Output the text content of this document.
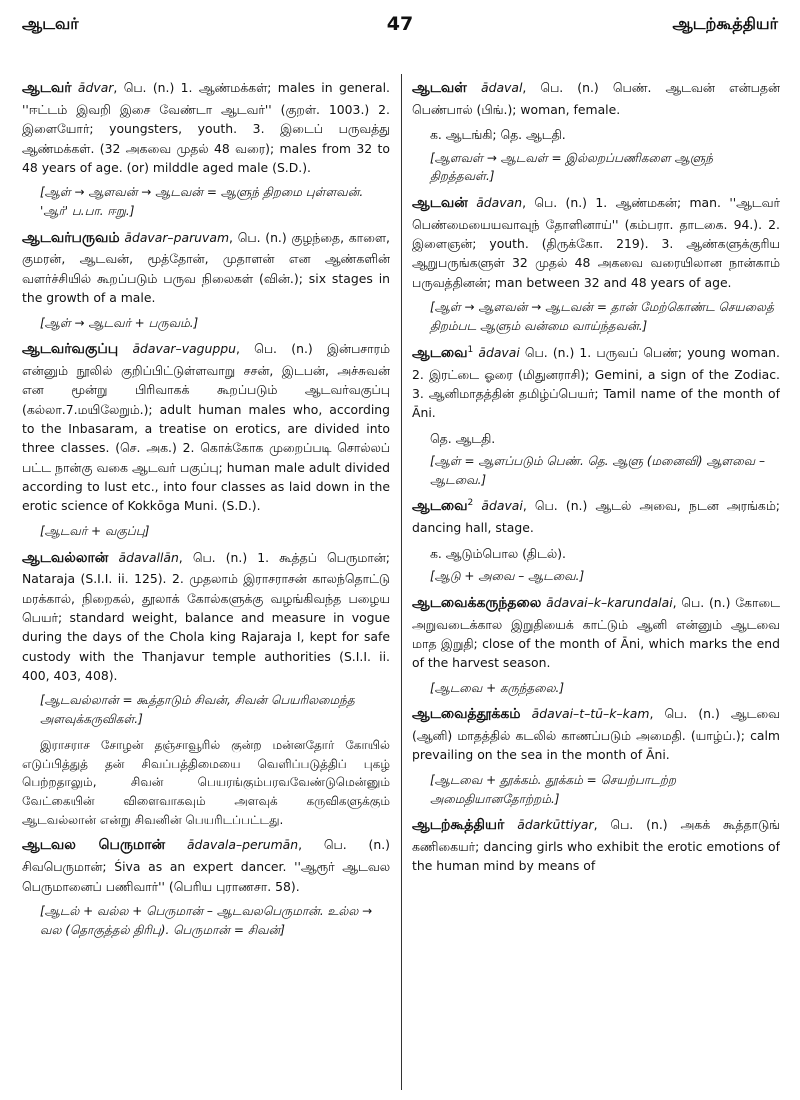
ஆடவர்	47	ஆடற்கூத்தியர்
ஆடவர் ādvar, பெ. (n.) 1. ஆண்மக்கள்; males in general. ''ஈட்டம் இவறி இசை வேண்டா ஆடவர்'' (குறள். 1003.) 2. இளையோர்; youngsters, youth. 3. இடைப் பருவத்து ஆண்மக்கள். (32 அகவை முதல் 48 வரை); males from 32 to 48 years of age. (or) milddle aged male (S.D.).
[ஆள் → ஆளவன் → ஆடவன் = ஆளுந் திறமை புள்ளவன். 'ஆர்' ப.பா. ஈறு.]
ஆடவர்பருவம் ādavar–paruvam, பெ. (n.) குழந்தை, காளை, குமரன், ஆடவன், மூத்தோன், முதாளன் என ஆண்களின் வளர்ச்சியில் கூறப்படும் பருவ நிலைகள் (வின்.); six stages in the growth of a male.
[ஆள் → ஆடவர் + பருவம்.]
ஆடவர்வகுப்பு ādavar–vaguppu, பெ. (n.) இன்பசாரம் என்னும் நூலில் குறிப்பிட்டுள்ளவாறு சசன், இடபன், அச்சுவன் என மூன்று பிரிவாகக் கூறப்படும் ஆடவர்வகுப்பு (கல்லா.7.மயிலேறும்.); adult human males who, according to the Inbasaram, a treatise on erotics, are divided into three classes. (செ. அக.) 2. கொக்கோக முறைப்படி சொல்லப் பட்ட நான்கு வகை ஆடவர் பகுப்பு; human male adult divided according to lust etc., into four classes as laid down in the erotic science of Kokkōga Muni. (S.D.).
[ஆடவர் + வகுப்பு]
ஆடவல்லான் ādavallān, பெ. (n.) 1. கூத்தப் பெருமான்; Nataraja (S.I.I. ii. 125). 2. முதலாம் இராசராசன் காலந்தொட்டு மரக்கால், நிறைகல், தூலாக் கோல்களுக்கு வழங்கிவந்த பழைய பெயர்; standard weight, balance and measure in vogue during the days of the Chola king Rajaraja I, kept for safe custody with the Thanjavur temple authorities (S.I.I. ii. 400, 403, 408).
[ஆடவல்லான் = கூத்தாடும் சிவன், சிவன் பெயரிலமைந்த அளவுக்கருவிகள்.]
இராசராச சோழன் தஞ்சாவூரில் குன்ற மன்னதோர் கோயில் எடுப்பித்துத் தன் சிவப்பத்திமையை வெளிப்படுத்திப் புகழ் பெற்றதாலும், சிவன் பெயரங்கும்பரவவேண்டுமென்னும் வேட்கையின் விளைவாகவும் அளவுக் கருவிகளுக்கும் ஆடவல்லான் என்று சிவனின் பெயரிடப்பட்டது.
ஆடவல பெருமான் ādavala–perumān, பெ. (n.) சிவபெருமான்; Śiva as an expert dancer. ''ஆரூர் ஆடவல பெருமானைப் பணிவார்'' (பெரிய புராணசா. 58).
[ஆடல் + வல்ல + பெருமான் – ஆடவலபெருமான். உல்ல → வல (தொகுத்தல் திரிபு). பெருமான் = சிவன்]
ஆடவள் ādaval, பெ. (n.) பெண். ஆடவன் என்பதன் பெண்பால் (பிங்.); woman, female.
க. ஆடங்கி; தெ. ஆடதி.
[ஆளவள் → ஆடவள் = இல்லறப்பணிகளை ஆளுந் திறத்தவள்.]
ஆடவன் ādavan, பெ. (n.) 1. ஆண்மகன்; man. ''ஆடவர் பெண்மையையவாவுந் தோளினாய்'' (கம்பரா. தாடகை. 94.). 2. இளைஞன்; youth. (திருக்கோ. 219). 3. ஆண்களுக்குரிய ஆறுபருங்களுள் 32 முதல் 48 அகவை வரையிலான நான்காம் பருவத்தினன்; man between 32 and 48 years of age.
[ஆள் → ஆளவன் → ஆடவன் = தான் மேற்கொண்ட செயலைத் திறம்பட ஆளும் வன்மை வாய்ந்தவன்.]
ஆடவை$^1$ ādavai பெ. (n.) 1. பருவப் பெண்; young woman. 2. இரட்டை ஓரை (மிதுனராசி); Gemini, a sign of the Zodiac. 3. ஆனிமாதத்தின் தமிழ்ப்பெயர்; Tamil name of the month of Āni.
தெ. ஆடதி.
[ஆள் = ஆளப்படும் பெண். தெ. ஆளு (மனைவி) ஆளவை – ஆடவை.]
ஆடவை$^2$ ādavai, பெ. (n.) ஆடல் அவை, நடன அரங்கம்; dancing hall, stage.
க. ஆடும்பொல (திடல்).
[ஆடு + அவை – ஆடவை.]
ஆடவைக்கருந்தலை ādavai–k–karundalai, பெ. (n.) கோடை அறுவடைக்கால இறுதியைக் காட்டும் ஆனி என்னும் ஆடவை மாத இறுதி; close of the month of Āni, which marks the end of the harvest season.
[ஆடவை + கருந்தலை.]
ஆடவைத்தூக்கம் ādavai–t–tū–k–kam, பெ. (n.) ஆடவை (ஆனி) மாதத்தில் கடலில் காணப்படும் அமைதி. (யாழ்ப்.); calm prevailing on the sea in the month of Āni.
[ஆடவை + தூக்கம். தூக்கம் = செயற்பாடற்ற அமைதியானதோற்றம்.]
ஆடற்கூத்தியர் ādarkūttiyar, பெ. (n.) அகக் கூத்தாடுங் கணிகையர்; dancing girls who exhibit the erotic emotions of the human mind by means of
